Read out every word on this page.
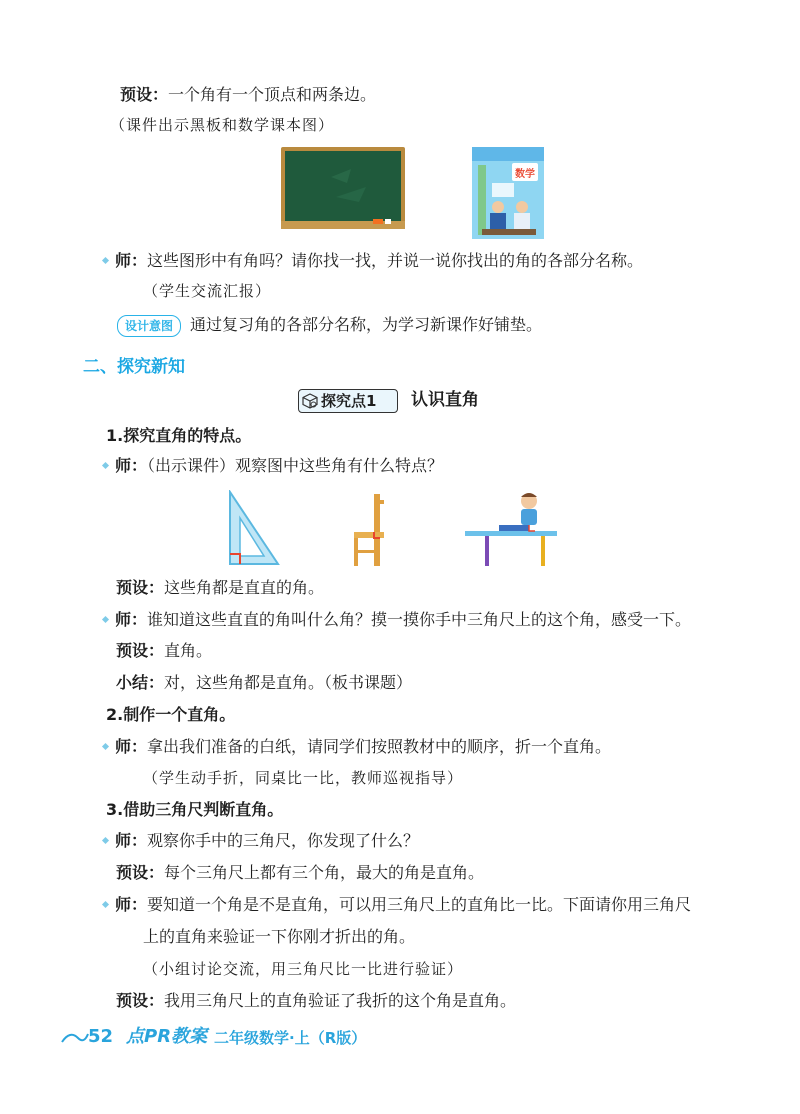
预设：一个角有一个顶点和两条边。
（课件出示黑板和数学课本图）
数学
师：这些图形中有角吗？请你找一找，并说一说你找出的角的各部分名称。
（学生交流汇报）
设计意图	通过复习角的各部分名称，为学习新课作好铺垫。
二、探究新知
探究点1 认识直角
1.探究直角的特点。
师：（出示课件）观察图中这些角有什么特点？
预设：这些角都是直直的角。
师：谁知道这些直直的角叫什么角？摸一摸你手中三角尺上的这个角，感受一下。
预设：直角。
小结：对，这些角都是直角。（板书课题）
2.制作一个直角。
师：拿出我们准备的白纸，请同学们按照教材中的顺序，折一个直角。
（学生动手折，同桌比一比，教师巡视指导）
3.借助三角尺判断直角。
师：观察你手中的三角尺，你发现了什么？
预设：每个三角尺上都有三个角，最大的角是直角。
师：要知道一个角是不是直角，可以用三角尺上的直角比一比。下面请你用三角尺
上的直角来验证一下你刚才折出的角。
（小组讨论交流，用三角尺比一比进行验证）
预设：我用三角尺上的直角验证了我折的这个角是直角。
52 点PR教案 二年级数学·上（R版）
